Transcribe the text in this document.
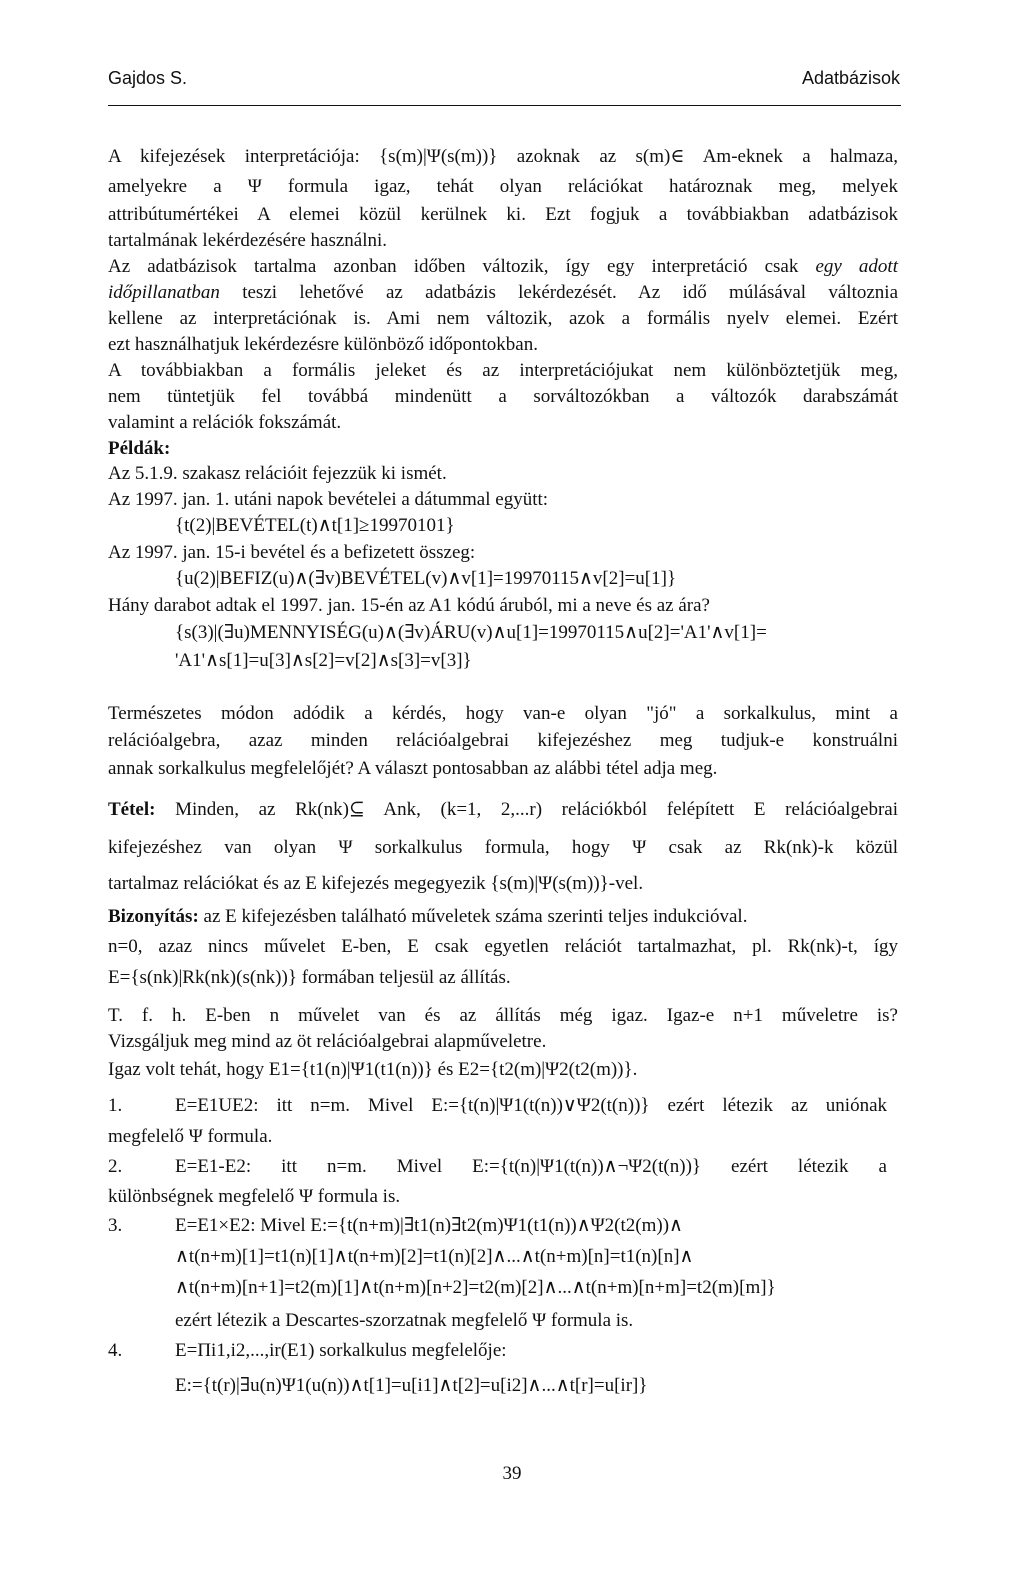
Gajdos S.	Adatbázisok
A kifejezések interpretációja: {s(m)|Ψ(s(m))} azoknak az s(m)∈ Am-eknek a halmaza,
amelyekre a Ψ formula igaz, tehát olyan relációkat határoznak meg, melyek
attribútumértékei A elemei közül kerülnek ki. Ezt fogjuk a továbbiakban adatbázisok
tartalmának lekérdezésére használni.
Az adatbázisok tartalma azonban időben változik, így egy interpretáció csak egy adott
időpillanatban teszi lehetővé az adatbázis lekérdezését. Az idő múlásával változnia
kellene az interpretációnak is. Ami nem változik, azok a formális nyelv elemei. Ezért
ezt használhatjuk lekérdezésre különböző időpontokban.
A továbbiakban a formális jeleket és az interpretációjukat nem különböztetjük meg,
nem tüntetjük fel továbbá mindenütt a sorváltozókban a változók darabszámát
valamint a relációk fokszámát.
Példák:
Az 5.1.9. szakasz relációit fejezzük ki ismét.
Az 1997. jan. 1. utáni napok bevételei a dátummal együtt:
{t(2)|BEVÉTEL(t)∧t[1]≥19970101}
Az 1997. jan. 15-i bevétel és a befizetett összeg:
{u(2)|BEFIZ(u)∧(∃v)BEVÉTEL(v)∧v[1]=19970115∧v[2]=u[1]}
Hány darabot adtak el 1997. jan. 15-én az A1 kódú áruból, mi a neve és az ára?
{s(3)|(∃u)MENNYISÉG(u)∧(∃v)ÁRU(v)∧u[1]=19970115∧u[2]='A1'∧v[1]=
'A1'∧s[1]=u[3]∧s[2]=v[2]∧s[3]=v[3]}
Természetes módon adódik a kérdés, hogy van-e olyan "jó" a sorkalkulus, mint a
relációalgebra, azaz minden relációalgebrai kifejezéshez meg tudjuk-e konstruálni
annak sorkalkulus megfelelőjét? A választ pontosabban az alábbi tétel adja meg.
Tétel: Minden, az Rk(nk)⊆ Ank, (k=1, 2,...r) relációkból felépített E relációalgebrai
kifejezéshez van olyan Ψ sorkalkulus formula, hogy Ψ csak az Rk(nk)-k közül
tartalmaz relációkat és az E kifejezés megegyezik {s(m)|Ψ(s(m))}-vel.
Bizonyítás: az E kifejezésben található műveletek száma szerinti teljes indukcióval.
n=0, azaz nincs művelet E-ben, E csak egyetlen relációt tartalmazhat, pl. Rk(nk)-t, így
E={s(nk)|Rk(nk)(s(nk))} formában teljesül az állítás.
T. f. h. E-ben n művelet van és az állítás még igaz. Igaz-e n+1 műveletre is?
Vizsgáljuk meg mind az öt relációalgebrai alapműveletre.
Igaz volt tehát, hogy E1={t1(n)|Ψ1(t1(n))} és E2={t2(m)|Ψ2(t2(m))}.
1.	E=E1UE2: itt n=m. Mivel E:={t(n)|Ψ1(t(n))∨Ψ2(t(n))} ezért létezik az uniónak
megfelelő Ψ formula.
2.	E=E1-E2: itt n=m. Mivel E:={t(n)|Ψ1(t(n))∧¬Ψ2(t(n))} ezért létezik a
különbségnek megfelelő Ψ formula is.
3.	E=E1×E2: Mivel E:={t(n+m)|∃t1(n)∃t2(m)Ψ1(t1(n))∧Ψ2(t2(m))∧
∧t(n+m)[1]=t1(n)[1]∧t(n+m)[2]=t1(n)[2]∧...∧t(n+m)[n]=t1(n)[n]∧
∧t(n+m)[n+1]=t2(m)[1]∧t(n+m)[n+2]=t2(m)[2]∧...∧t(n+m)[n+m]=t2(m)[m]}
ezért létezik a Descartes-szorzatnak megfelelő Ψ formula is.
4.	E=Πi1,i2,...,ir(E1) sorkalkulus megfelelője:
E:={t(r)|∃u(n)Ψ1(u(n))∧t[1]=u[i1]∧t[2]=u[i2]∧...∧t[r]=u[ir]}
39
